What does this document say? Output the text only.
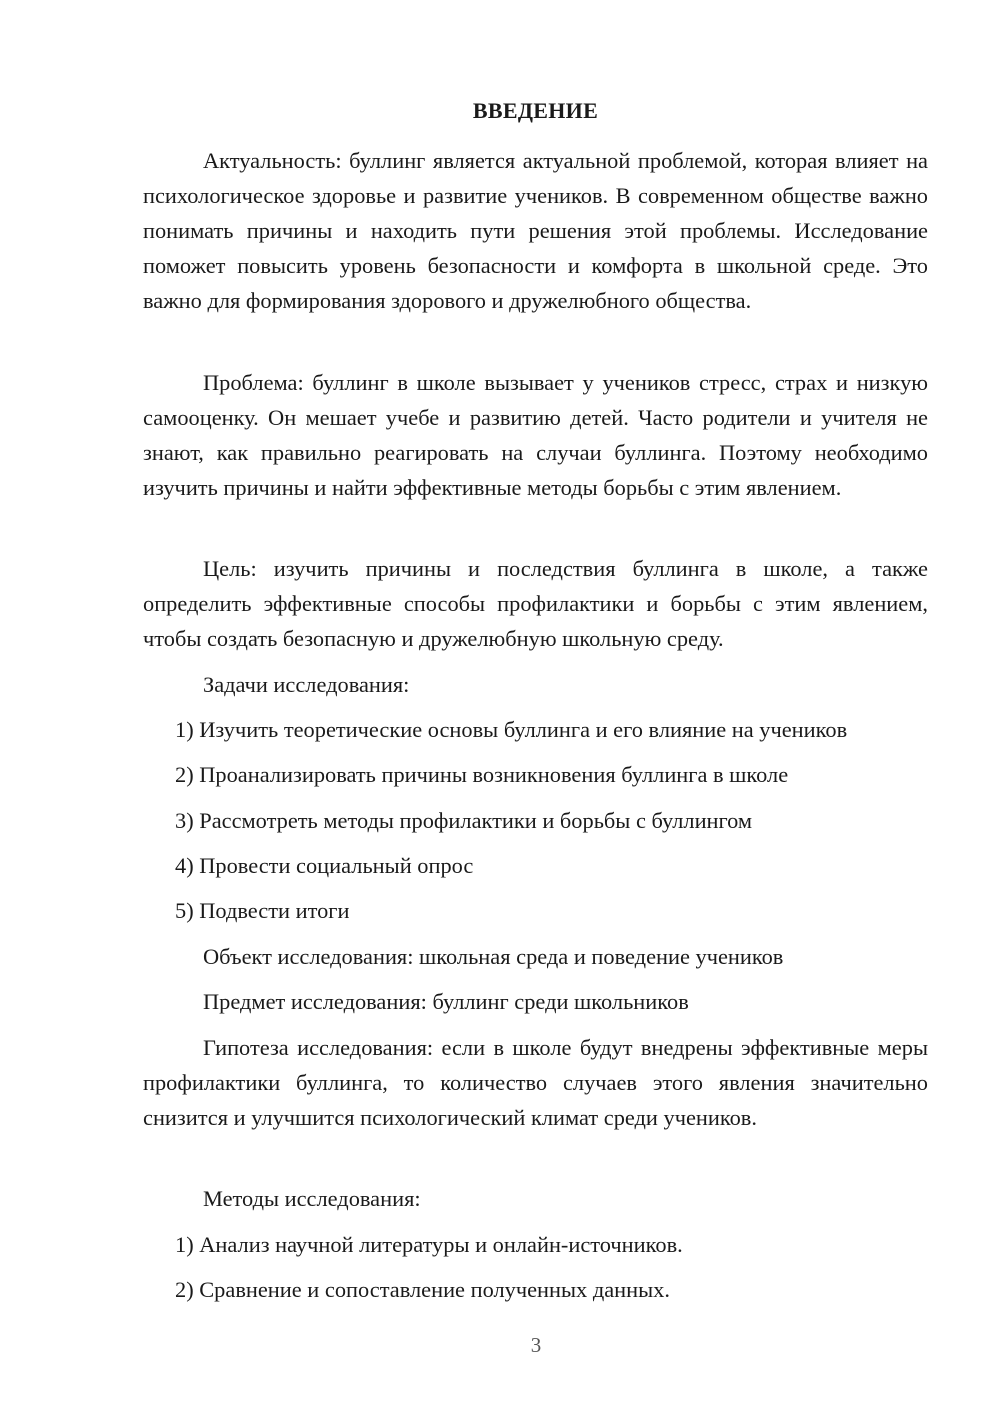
ВВЕДЕНИЕ

Актуальность: буллинг является актуальной проблемой, которая влияет на психологическое здоровье и развитие учеников. В современном обществе важно понимать причины и находить пути решения этой проблемы. Исследование поможет повысить уровень безопасности и комфорта в школьной среде. Это важно для формирования здорового и дружелюбного общества.

Проблема: буллинг в школе вызывает у учеников стресс, страх и низкую самооценку. Он мешает учебе и развитию детей. Часто родители и учителя не знают, как правильно реагировать на случаи буллинга. Поэтому необходимо изучить причины и найти эффективные методы борьбы с этим явлением.

Цель: изучить причины и последствия буллинга в школе, а также определить эффективные способы профилактики и борьбы с этим явлением, чтобы создать безопасную и дружелюбную школьную среду.

Задачи исследования:

1) Изучить теоретические основы буллинга и его влияние на учеников

2) Проанализировать причины возникновения буллинга в школе

3) Рассмотреть методы профилактики и борьбы с буллингом

4) Провести социальный опрос

5) Подвести итоги

Объект исследования: школьная среда и поведение учеников

Предмет исследования: буллинг среди школьников

Гипотеза исследования: если в школе будут внедрены эффективные меры профилактики буллинга, то количество случаев этого явления значительно снизится и улучшится психологический климат среди учеников.

Методы исследования:

1) Анализ научной литературы и онлайн-источников.

2) Сравнение и сопоставление полученных данных.

3
